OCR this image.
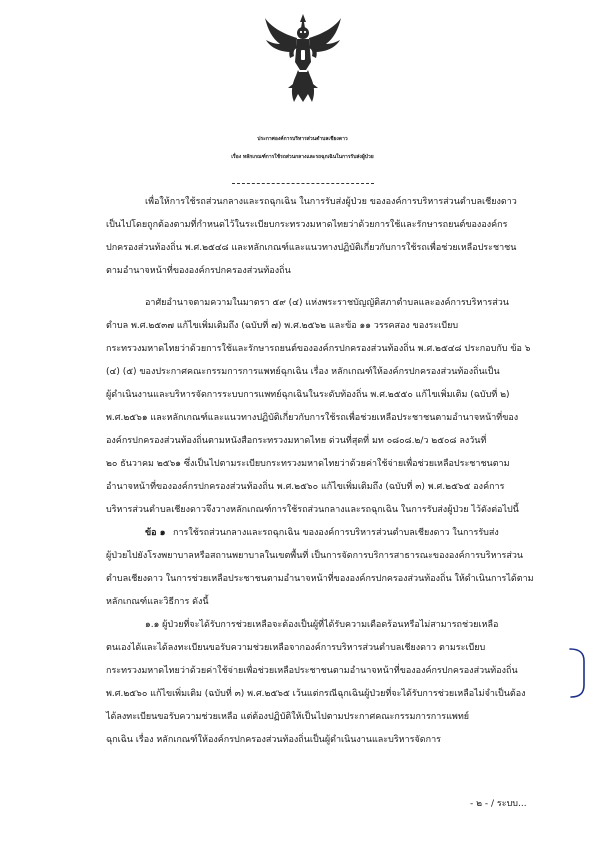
ประกาศองค์การบริหารส่วนตำบลเชียงดาว
เรื่อง หลักเกณฑ์การใช้รถส่วนกลางและรถฉุกเฉินในการรับส่งผู้ป่วย
เพื่อให้การใช้รถส่วนกลางและรถฉุกเฉิน ในการรับส่งผู้ป่วย ขององค์การบริหารส่วนตำบลเชียงดาว
เป็นไปโดยถูกต้องตามที่กำหนดไว้ในระเบียบกระทรวงมหาดไทยว่าด้วยการใช้และรักษารถยนต์ขององค์กร
ปกครองส่วนท้องถิ่น พ.ศ.๒๕๔๘ และหลักเกณฑ์และแนวทางปฏิบัติเกี่ยวกับการใช้รถเพื่อช่วยเหลือประชาชน
ตามอำนาจหน้าที่ขององค์กรปกครองส่วนท้องถิ่น
อาศัยอำนาจตามความในมาตรา ๕๙ (๔) แห่งพระราชบัญญัติสภาตำบลและองค์การบริหารส่วน
ตำบล พ.ศ.๒๕๓๗ แก้ไขเพิ่มเติมถึง (ฉบับที่ ๗) พ.ศ.๒๕๖๒ และข้อ ๑๑ วรรคสอง ของระเบียบ
กระทรวงมหาดไทยว่าด้วยการใช้และรักษารถยนต์ขององค์กรปกครองส่วนท้องถิ่น พ.ศ.๒๕๔๘ ประกอบกับ ข้อ ๖
(๔) (๕) ของประกาศคณะกรรมการการแพทย์ฉุกเฉิน เรื่อง หลักเกณฑ์ให้องค์กรปกครองส่วนท้องถิ่นเป็น
ผู้ดำเนินงานและบริหารจัดการระบบการแพทย์ฉุกเฉินในระดับท้องถิ่น พ.ศ.๒๕๕๐ แก้ไขเพิ่มเติม (ฉบับที่ ๒)
พ.ศ.๒๕๖๑ และหลักเกณฑ์และแนวทางปฏิบัติเกี่ยวกับการใช้รถเพื่อช่วยเหลือประชาชนตามอำนาจหน้าที่ของ
องค์กรปกครองส่วนท้องถิ่นตามหนังสือกระทรวงมหาดไทย ด่วนที่สุดที่ มท ๐๘๐๘.๒/ว ๒๕๐๘ ลงวันที่
๒๐ ธันวาคม ๒๕๖๑ ซึ่งเป็นไปตามระเบียบกระทรวงมหาดไทยว่าด้วยค่าใช้จ่ายเพื่อช่วยเหลือประชาชนตาม
อำนาจหน้าที่ขององค์กรปกครองส่วนท้องถิ่น พ.ศ.๒๕๖๐ แก้ไขเพิ่มเติมถึง (ฉบับที่ ๓) พ.ศ.๒๕๖๕ องค์การ
บริหารส่วนตำบลเชียงดาวจึงวางหลักเกณฑ์การใช้รถส่วนกลางและรถฉุกเฉิน ในการรับส่งผู้ป่วย ไว้ดังต่อไปนี้
ข้อ ๑ การใช้รถส่วนกลางและรถฉุกเฉิน ขององค์การบริหารส่วนตำบลเชียงดาว ในการรับส่ง
ผู้ป่วยไปยังโรงพยาบาลหรือสถานพยาบาลในเขตพื้นที่ เป็นการจัดการบริการสาธารณะขององค์การบริหารส่วน
ตำบลเชียงดาว ในการช่วยเหลือประชาชนตามอำนาจหน้าที่ขององค์กรปกครองส่วนท้องถิ่น ให้ดำเนินการได้ตาม
หลักเกณฑ์และวิธีการ ดังนี้
๑.๑ ผู้ป่วยที่จะได้รับการช่วยเหลือจะต้องเป็นผู้ที่ได้รับความเดือดร้อนหรือไม่สามารถช่วยเหลือ
ตนเองได้และได้ลงทะเบียนขอรับความช่วยเหลือจากองค์การบริหารส่วนตำบลเชียงดาว ตามระเบียบ
กระทรวงมหาดไทยว่าด้วยค่าใช้จ่ายเพื่อช่วยเหลือประชาชนตามอำนาจหน้าที่ขององค์กรปกครองส่วนท้องถิ่น
พ.ศ.๒๕๖๐ แก้ไขเพิ่มเติม (ฉบับที่ ๓) พ.ศ.๒๕๖๕ เว้นแต่กรณีฉุกเฉินผู้ป่วยที่จะได้รับการช่วยเหลือไม่จำเป็นต้อง
ได้ลงทะเบียนขอรับความช่วยเหลือ แต่ต้องปฏิบัติให้เป็นไปตามประกาศคณะกรรมการการแพทย์
ฉุกเฉิน เรื่อง หลักเกณฑ์ให้องค์กรปกครองส่วนท้องถิ่นเป็นผู้ดำเนินงานและบริหารจัดการ
- ๒ - / ระบบ...
